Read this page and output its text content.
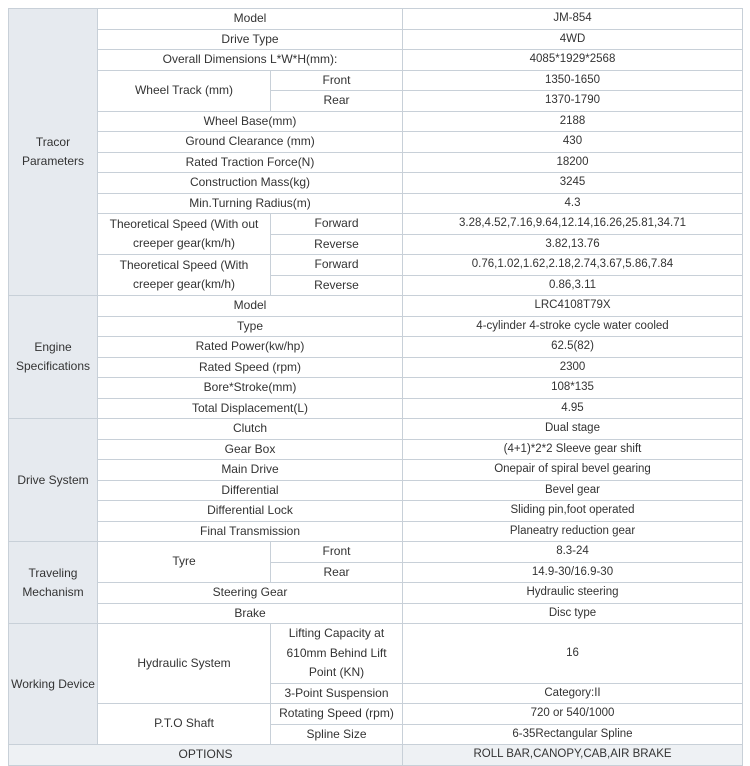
Tracor Parameters	Model		JM-854
	Drive Type		4WD
	Overall Dimensions L*W*H(mm):		4085*1929*2568
	Wheel Track (mm)	Front	1350-1650
		Rear	1370-1790
	Wheel Base(mm)		2188
	Ground Clearance (mm)		430
	Rated Traction Force(N)		18200
	Construction Mass(kg)		3245
	Min.Turning Radius(m)		4.3
	Theoretical Speed (With out creeper gear(km/h)	Forward	3.28,4.52,7.16,9.64,12.14,16.26,25.81,34.71
		Reverse	3.82,13.76
	Theoretical Speed (With creeper gear(km/h)	Forward	0.76,1.02,1.62,2.18,2.74,3.67,5.86,7.84
		Reverse	0.86,3.11
Engine Specifications	Model		LRC4108T79X
	Type		4-cylinder 4-stroke cycle water cooled
	Rated Power(kw/hp)		62.5(82)
	Rated Speed (rpm)		2300
	Bore*Stroke(mm)		108*135
	Total Displacement(L)		4.95
Drive System	Clutch		Dual stage
	Gear Box		(4+1)*2*2 Sleeve gear shift
	Main Drive		Onepair of spiral bevel gearing
	Differential		Bevel gear
	Differential Lock		Sliding pin,foot operated
	Final Transmission		Planeatry reduction gear
Traveling Mechanism	Tyre	Front	8.3-24
		Rear	14.9-30/16.9-30
	Steering Gear		Hydraulic steering
	Brake		Disc type
Working Device	Hydraulic System	Lifting Capacity at 610mm Behind Lift Point (KN)	16
		3-Point Suspension	Category:II
	P.T.O Shaft	Rotating Speed (rpm)	720 or 540/1000
		Spline Size	6-35Rectangular Spline
OPTIONS			ROLL BAR,CANOPY,CAB,AIR BRAKE
